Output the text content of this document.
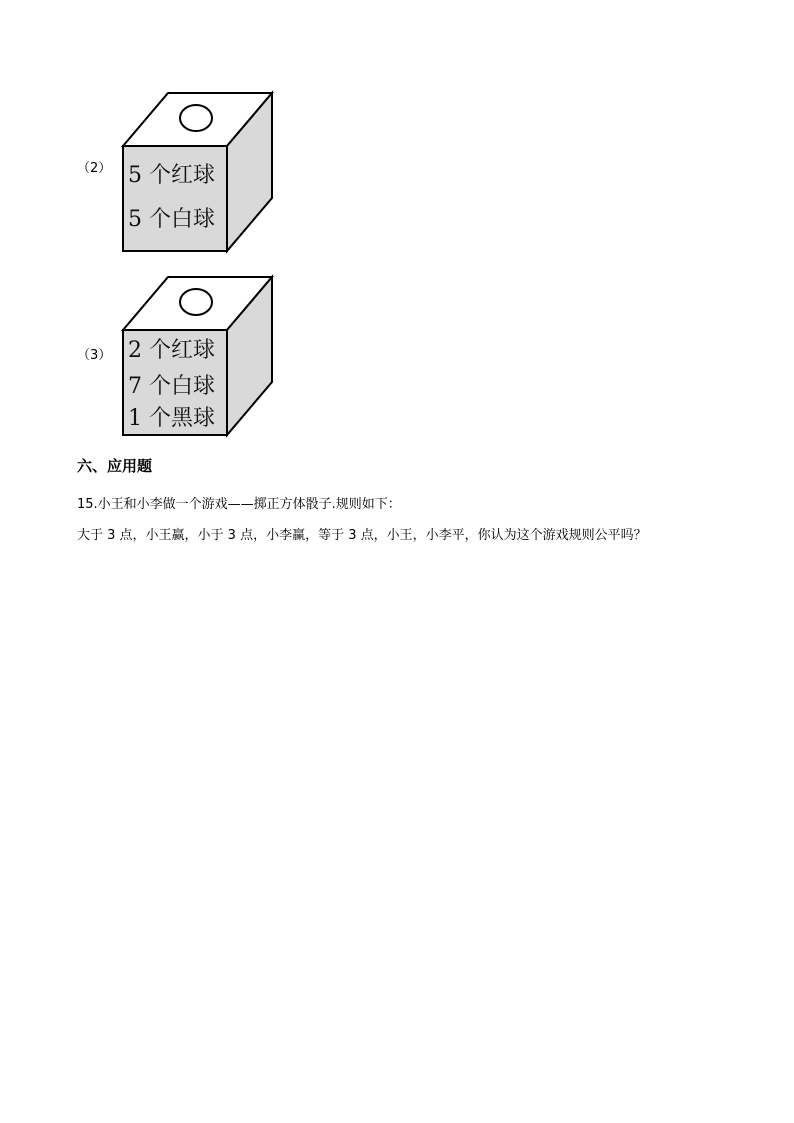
（2） 5 个红球
5 个白球
（3） 2 个红球
7 个白球
1 个黑球
六、应用题
15.小王和小李做一个游戏——掷正方体骰子.规则如下：
大于 3 点，小王赢，小于 3 点，小李赢，等于 3 点，小王，小李平，你认为这个游戏规则公平吗？
